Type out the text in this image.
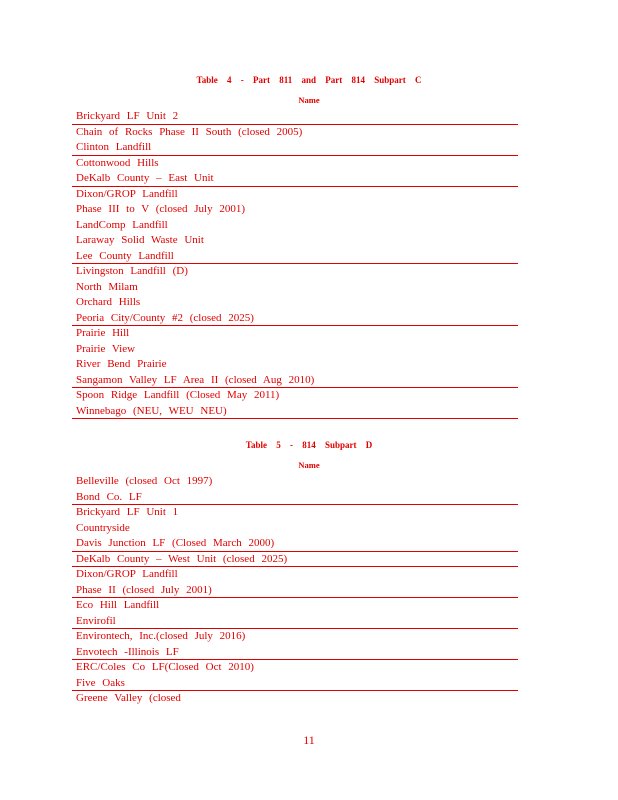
Table 4 - Part 811 and Part 814 Subpart C
Name
Brickyard LF Unit 2
Chain of Rocks Phase II South (closed 2005)
Clinton Landfill
Cottonwood Hills
DeKalb County – East Unit
Dixon/GROP Landfill
Phase III to V (closed July 2001)
LandComp Landfill
Laraway Solid Waste Unit
Lee County Landfill
Livingston Landfill (D)
North Milam
Orchard Hills
Peoria City/County #2 (closed 2025)
Prairie Hill
Prairie View
River Bend Prairie
Sangamon Valley LF Area II (closed Aug 2010)
Spoon Ridge Landfill (Closed May 2011)
Winnebago (NEU, WEU NEU)
Table 5 - 814 Subpart D
Name
Belleville (closed Oct 1997)
Bond Co. LF
Brickyard LF Unit 1
Countryside
Davis Junction LF (Closed March 2000)
DeKalb County – West Unit (closed 2025)
Dixon/GROP Landfill
Phase II (closed July 2001)
Eco Hill Landfill
Envirofil
Environtech, Inc.(closed July 2016)
Envotech -Illinois LF
ERC/Coles Co LF(Closed Oct 2010)
Five Oaks
Greene Valley (closed
11
